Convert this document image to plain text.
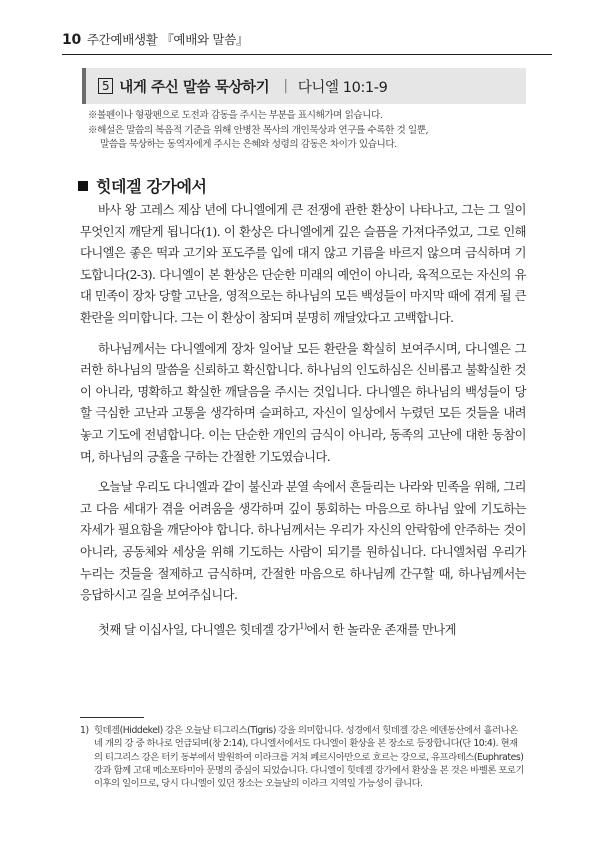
10 주간예배생활 『예배와 말씀』
5 내게 주신 말씀 묵상하기 | 다니엘 10:1-9
※볼펜이나 형광펜으로 도전과 감동을 주시는 부분을 표시해가며 읽습니다.
※해설은 말씀의 복음적 기준을 위해 안병찬 목사의 개인묵상과 연구를 수록한 것 일뿐,
말씀을 묵상하는 동역자에게 주시는 은혜와 성령의 감동은 차이가 있습니다.
힛데겔 강가에서

바사 왕 고레스 제삼 년에 다니엘에게 큰 전쟁에 관한 환상이 나타나고, 그는 그 일이 무엇인지 깨닫게 됩니다(1). 이 환상은 다니엘에게 깊은 슬픔을 가져다주었고, 그로 인해 다니엘은 좋은 떡과 고기와 포도주를 입에 대지 않고 기름을 바르지 않으며 금식하며 기도합니다(2-3). 다니엘이 본 환상은 단순한 미래의 예언이 아니라, 육적으로는 자신의 유대 민족이 장차 당할 고난을, 영적으로는 하나님의 모든 백성들이 마지막 때에 겪게 될 큰 환란을 의미합니다. 그는 이 환상이 참되며 분명히 깨달았다고 고백합니다.

하나님께서는 다니엘에게 장차 일어날 모든 환란을 확실히 보여주시며, 다니엘은 그러한 하나님의 말씀을 신뢰하고 확신합니다. 하나님의 인도하심은 신비롭고 불확실한 것이 아니라, 명확하고 확실한 깨달음을 주시는 것입니다. 다니엘은 하나님의 백성들이 당할 극심한 고난과 고통을 생각하며 슬퍼하고, 자신이 일상에서 누렸던 모든 것들을 내려놓고 기도에 전념합니다. 이는 단순한 개인의 금식이 아니라, 동족의 고난에 대한 동참이며, 하나님의 긍휼을 구하는 간절한 기도였습니다.

오늘날 우리도 다니엘과 같이 불신과 분열 속에서 흔들리는 나라와 민족을 위해, 그리고 다음 세대가 겪을 어려움을 생각하며 깊이 통회하는 마음으로 하나님 앞에 기도하는 자세가 필요함을 깨닫아야 합니다. 하나님께서는 우리가 자신의 안락함에 안주하는 것이 아니라, 공동체와 세상을 위해 기도하는 사람이 되기를 원하십니다. 다니엘처럼 우리가 누리는 것들을 절제하고 금식하며, 간절한 마음으로 하나님께 간구할 때, 하나님께서는 응답하시고 길을 보여주십니다.

첫째 달 이십사일, 다니엘은 힛데겔 강가$^{1)}$에서 한 놀라운 존재를 만나게

1) 힛데겔(Hiddekel) 강은 오늘날 티그리스(Tigris) 강을 의미합니다. 성경에서 힛데겔 강은 에덴동산에서 흘러나온 네 개의 강 중 하나로 언급되며(창 2:14), 다니엘서에서도 다니엘이 환상을 본 장소로 등장합니다(단 10:4). 현재의 티그리스 강은 터키 동부에서 발원하여 이라크를 거쳐 페르시아만으로 흐르는 강으로, 유프라테스(Euphrates) 강과 함께 고대 메소포타미아 문명의 중심이 되었습니다. 다니엘이 힛데겔 강가에서 환상을 본 것은 바벨론 포로기 이후의 일이므로, 당시 다니엘이 있던 장소는 오늘날의 이라크 지역일 가능성이 큽니다.
